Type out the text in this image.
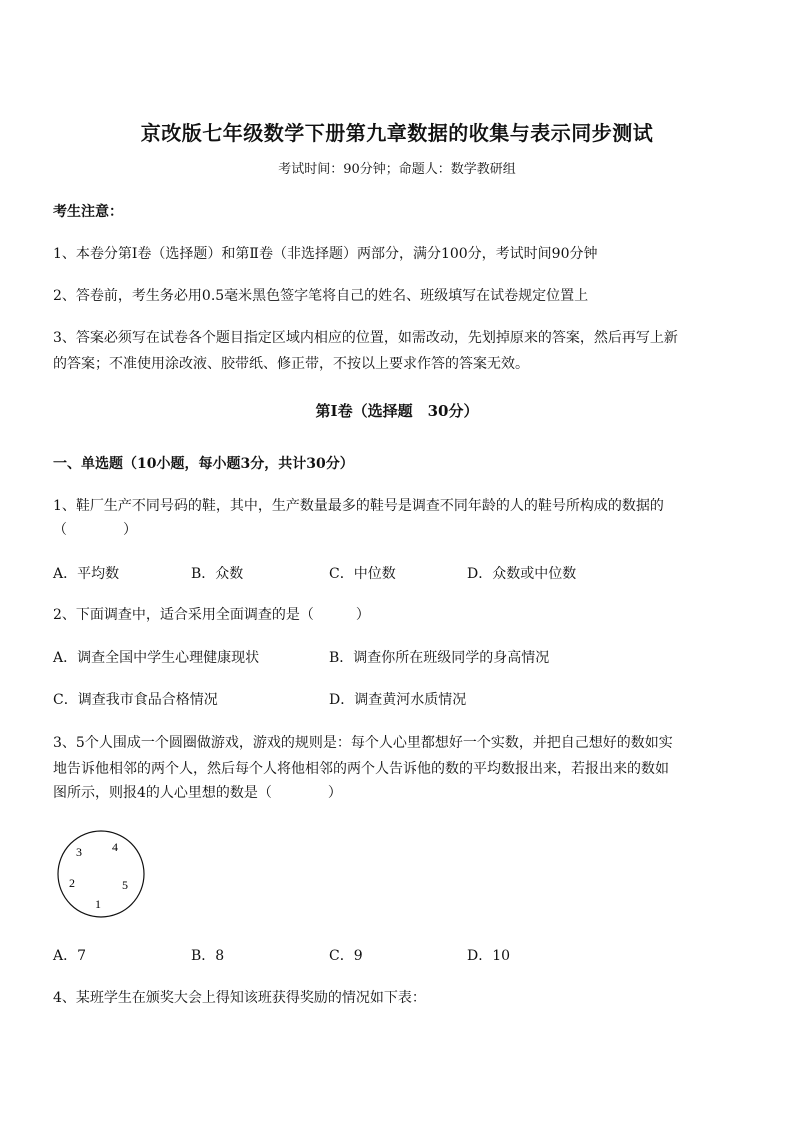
京改版七年级数学下册第九章数据的收集与表示同步测试
考试时间：90分钟；命题人：数学教研组
考生注意：
1、本卷分第Ⅰ卷（选择题）和第Ⅱ卷（非选择题）两部分，满分100分，考试时间90分钟
2、答卷前，考生务必用0.5毫米黑色签字笔将自己的姓名、班级填写在试卷规定位置上
3、答案必须写在试卷各个题目指定区域内相应的位置，如需改动，先划掉原来的答案，然后再写上新
的答案；不准使用涂改液、胶带纸、修正带，不按以上要求作答的答案无效。
第Ⅰ卷（选择题　30分）
一、单选题（10小题，每小题3分，共计30分）
1、鞋厂生产不同号码的鞋，其中，生产数量最多的鞋号是调查不同年龄的人的鞋号所构成的数据的
（　　　　）
A．平均数	B．众数	C．中位数	D．众数或中位数
2、下面调查中，适合采用全面调查的是（　　　）
A．调查全国中学生心理健康现状	B．调查你所在班级同学的身高情况
C．调查我市食品合格情况	D．调查黄河水质情况
3、5个人围成一个圆圈做游戏，游戏的规则是：每个人心里都想好一个实数，并把自己想好的数如实
地告诉他相邻的两个人，然后每个人将他相邻的两个人告诉他的数的平均数报出来，若报出来的数如
图所示，则报4的人心里想的数是（　　　　）
3	4
2	5
1
A．7	B．8	C．9	D．10
4、某班学生在颁奖大会上得知该班获得奖励的情况如下表：
